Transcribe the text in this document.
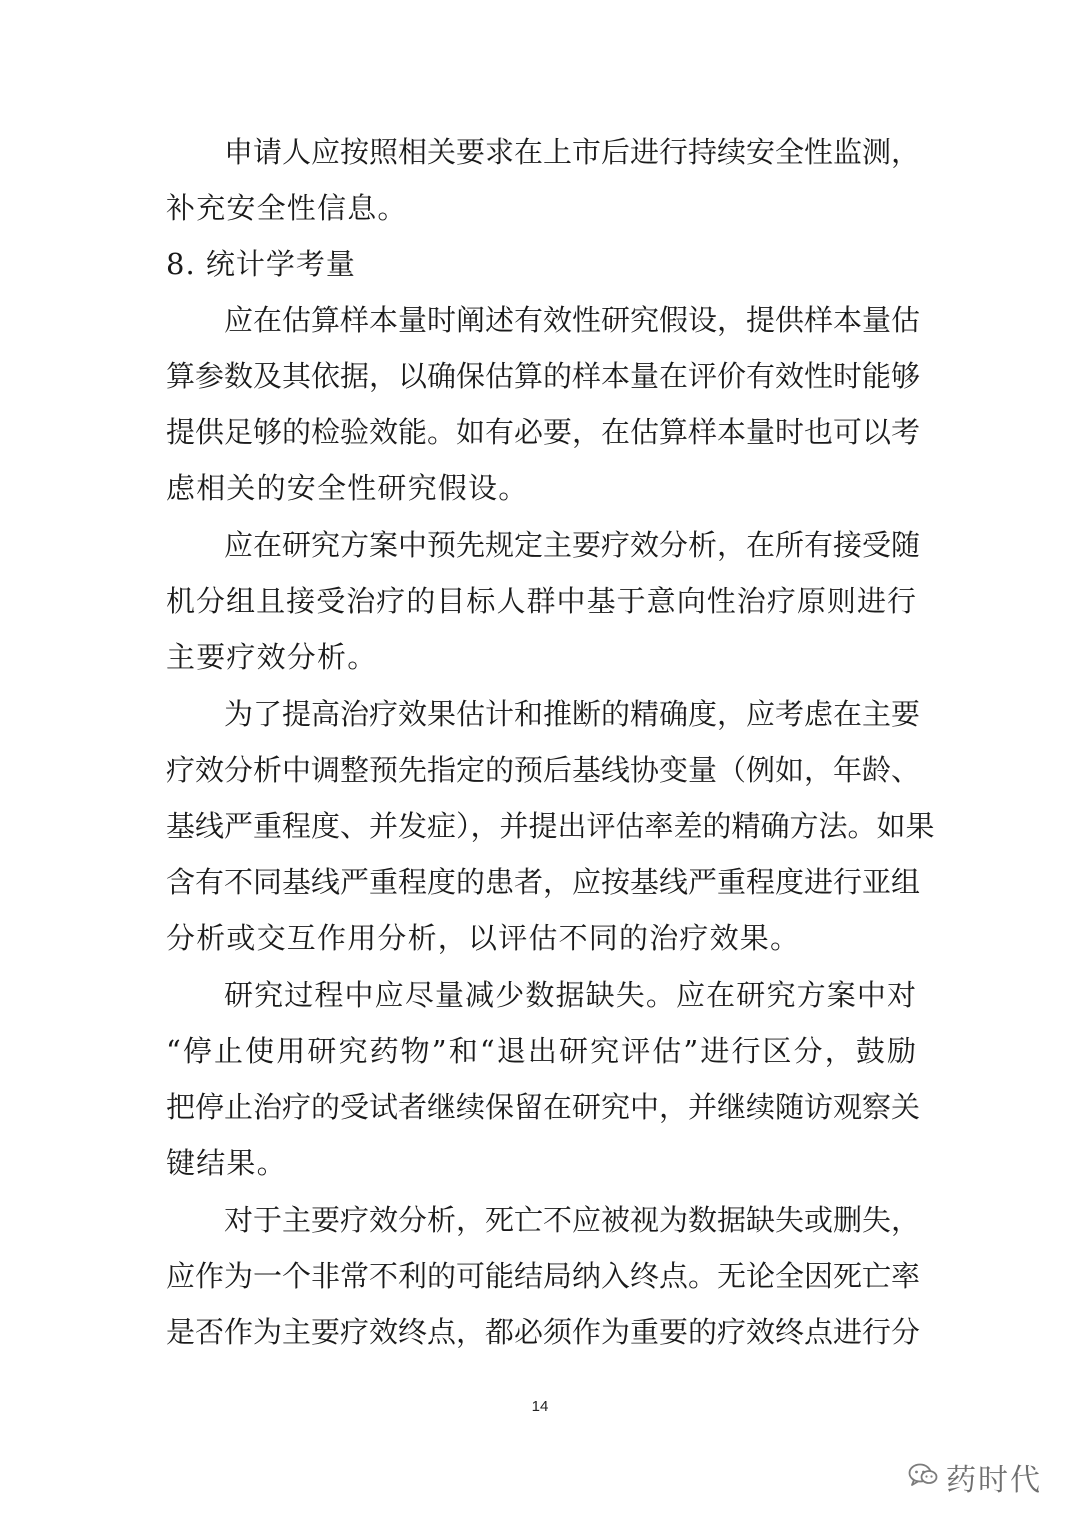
申请人应按照相关要求在上市后进行持续安全性监测，
补充安全性信息。
8. 统计学考量
应在估算样本量时阐述有效性研究假设，提供样本量估
算参数及其依据，以确保估算的样本量在评价有效性时能够
提供足够的检验效能。如有必要，在估算样本量时也可以考
虑相关的安全性研究假设。
应在研究方案中预先规定主要疗效分析，在所有接受随
机分组且接受治疗的目标人群中基于意向性治疗原则进行
主要疗效分析。
为了提高治疗效果估计和推断的精确度，应考虑在主要
疗效分析中调整预先指定的预后基线协变量（例如，年龄、
基线严重程度、并发症），并提出评估率差的精确方法。如果
含有不同基线严重程度的患者，应按基线严重程度进行亚组
分析或交互作用分析，以评估不同的治疗效果。
研究过程中应尽量减少数据缺失。应在研究方案中对
“停止使用研究药物”和“退出研究评估”进行区分，鼓励
把停止治疗的受试者继续保留在研究中，并继续随访观察关
键结果。
对于主要疗效分析，死亡不应被视为数据缺失或删失，
应作为一个非常不利的可能结局纳入终点。无论全因死亡率
是否作为主要疗效终点，都必须作为重要的疗效终点进行分
14
药时代
